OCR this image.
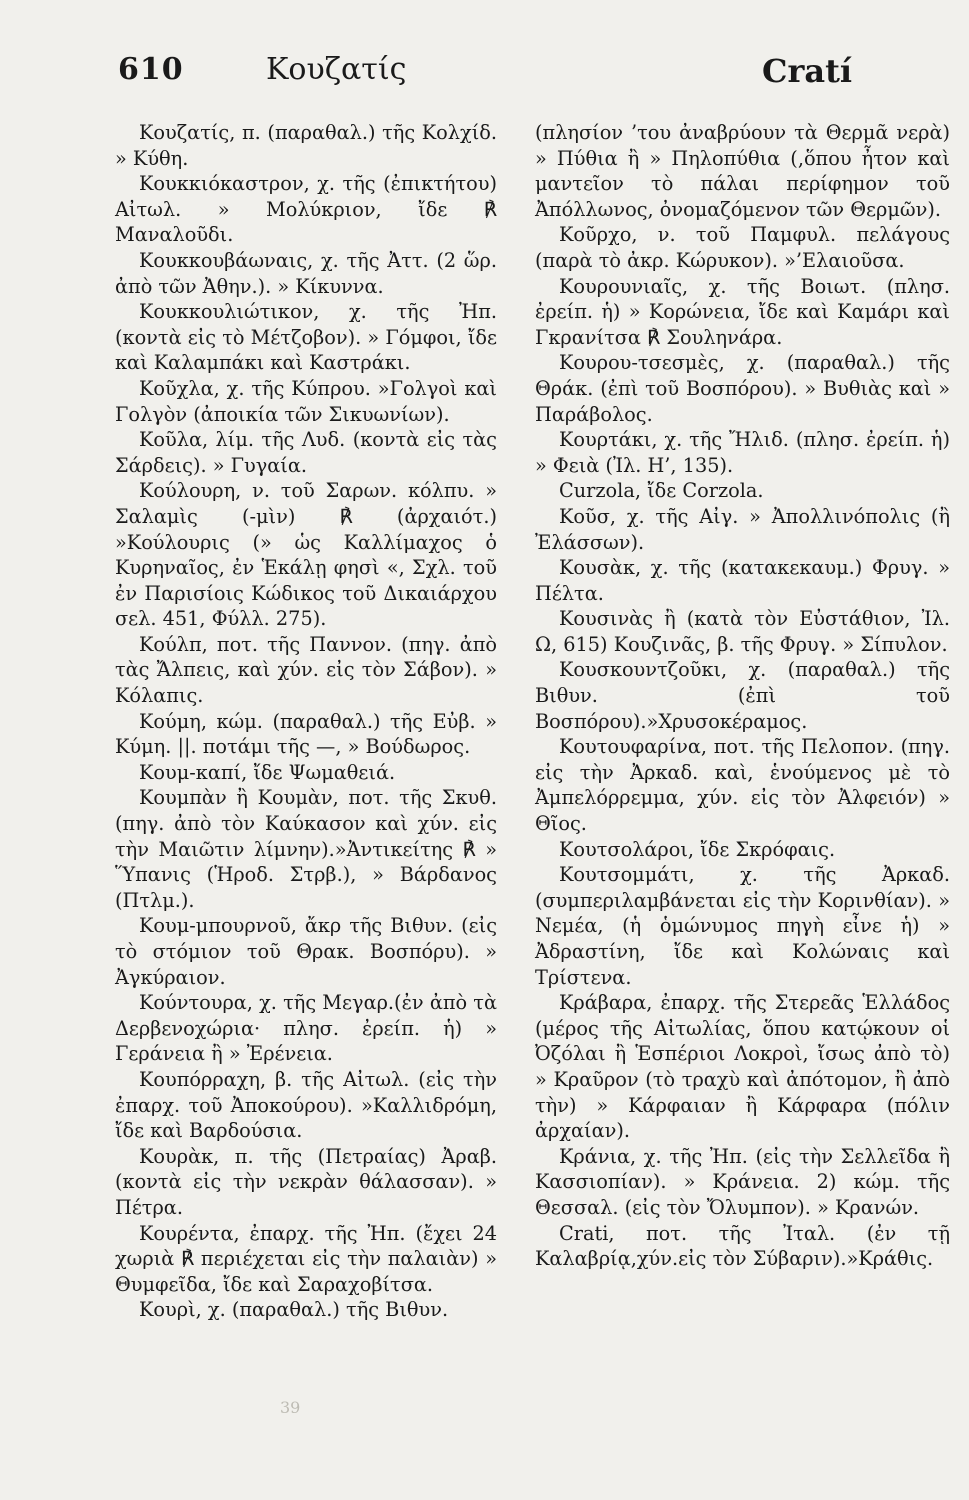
610	Κουζατίς	Cratí

Κουζατίς, π. (παραθαλ.) τῆς Κολχίδ. » Κύθη.

Κουκκιόκαστρον, χ. τῆς (ἐπικτήτου) Αἰτωλ. » Μολύκριον, ἴδε ℟ Μαναλοῦδι.

Κουκκουβάωναις, χ. τῆς Ἀττ. (2 ὥρ. ἀπὸ τῶν Ἀθην.). » Κίκυννα.

Κουκκουλιώτικον, χ. τῆς Ἠπ. (κοντὰ εἰς τὸ Μέτζοβον). » Γόμφοι, ἴδε καὶ Καλαμπάκι καὶ Καστράκι.

Κοῦχλα, χ. τῆς Κύπρου. »Γολγοὶ καὶ Γολγὸν (ἀποικία τῶν Σικυωνίων).

Κοῦλα, λίμ. τῆς Λυδ. (κοντὰ εἰς τὰς Σάρδεις). » Γυγαία.

Κούλουρη, ν. τοῦ Σαρων. κόλπυ. » Σαλαμὶς (-μὶν) ℟ (ἀρχαιότ.) »Κούλουρις (» ὡς Καλλίμαχος ὁ Κυρηναῖος, ἐν Ἑκάλῃ φησὶ «, Σχλ. τοῦ ἐν Παρισίοις Κώδικος τοῦ Δικαιάρχου σελ. 451, Φύλλ. 275).

Κούλπ, ποτ. τῆς Παννον. (πηγ. ἀπὸ τὰς Ἄλπεις, καὶ χύν. εἰς τὸν Σάβον). » Κόλαπις.

Κούμη, κώμ. (παραθαλ.) τῆς Εὐβ. » Κύμη. ||. ποτάμι τῆς —, » Βούδωρος.

Κουμ-καπί, ἴδε Ψωμαθειά.

Κουμπὰν ἢ Κουμὰν, ποτ. τῆς Σκυθ. (πηγ. ἀπὸ τὸν Καύκασον καὶ χύν. εἰς τὴν Μαιῶτιν λίμνην).»Ἀντικείτης ℟ » Ὕπανις (Ἡροδ. Στρβ.), » Βάρδανος (Πτλμ.).

Κουμ-μπουρνοῦ, ἄκρ τῆς Βιθυν. (εἰς τὸ στόμιον τοῦ Θρακ. Βοσπόρυ). » Ἀγκύραιον.

Κούντουρα, χ. τῆς Μεγαρ.(ἐν ἀπὸ τὰ Δερβενοχώρια· πλησ. ἐρείπ. ἡ) » Γεράνεια ἢ » Ἐρένεια.

Κουπόρραχη, β. τῆς Αἰτωλ. (εἰς τὴν ἐπαρχ. τοῦ Ἀποκούρου). »Καλλιδρόμη, ἴδε καὶ Βαρδούσια.

Κουρὰκ, π. τῆς (Πετραίας) Ἀραβ. (κοντὰ εἰς τὴν νεκρὰν θάλασσαν). » Πέτρα.

Κουρέντα, ἐπαρχ. τῆς Ἠπ. (ἔχει 24 χωριὰ ℟ περιέχεται εἰς τὴν παλαιὰν) » Θυμφεῖδα, ἴδε καὶ Σαραχοβίτσα.

Κουρὶ, χ. (παραθαλ.) τῆς Βιθυν.

(πλησίον ’του ἀναβρύουν τὰ Θερμᾶ νερὰ) » Πύθια ἢ » Πηλοπύθια (,ὅπου ἦτον καὶ μαντεῖον τὸ πάλαι περίφημον τοῦ Ἀπόλλωνος, ὀνομαζόμενον τῶν Θερμῶν).

Κοῦρχο, ν. τοῦ Παμφυλ. πελάγους (παρὰ τὸ ἀκρ. Κώρυκον). »’Ελαιοῦσα.

Κουρουνιαῖς, χ. τῆς Βοιωτ. (πλησ. ἐρείπ. ἡ) » Κορώνεια, ἴδε καὶ Καμάρι καὶ Γκρανίτσα ℟ Σουληνάρα.

Κουρου-τσεσμὲς, χ. (παραθαλ.) τῆς Θράκ. (ἐπὶ τοῦ Βοσπόρου). » Βυθιὰς καὶ » Παράβολος.

Κουρτάκι, χ. τῆς Ἤλιδ. (πλησ. ἐρείπ. ἡ) » Φειὰ (Ἰλ. Η’, 135).

Curzola, ἴδε Corzola.

Κοῦσ, χ. τῆς Αἰγ. » Ἀπολλινόπολις (ἢ Ἐλάσσων).

Κουσὰκ, χ. τῆς (κατακεκαυμ.) Φρυγ. » Πέλτα.

Κουσινὰς ἢ (κατὰ τὸν Εὐστάθιον, Ἰλ. Ω, 615) Κουζινᾶς, β. τῆς Φρυγ. » Σίπυλον.

Κουσκουντζοῦκι, χ. (παραθαλ.) τῆς Βιθυν. (ἐπὶ τοῦ Βοσπόρου).»Χρυσοκέραμος.

Κουτουφαρίνα, ποτ. τῆς Πελοπον. (πηγ. εἰς τὴν Ἀρκαδ. καὶ, ἑνούμενος μὲ τὸ Ἀμπελόρρεμμα, χύν. εἰς τὸν Ἀλφειόν) » Θῖος.

Κουτσολάροι, ἴδε Σκρόφαις.

Κουτσομμάτι, χ. τῆς Ἀρκαδ. (συμπεριλαμβάνεται εἰς τὴν Κορινθίαν). » Νεμέα, (ἡ ὁμώνυμος πηγὴ εἶνε ἡ) » Ἀδραστίνη, ἴδε καὶ Κολώναις καὶ Τρίστενα.

Κράβαρα, ἐπαρχ. τῆς Στερεᾶς Ἑλλάδος (μέρος τῆς Αἰτωλίας, ὅπου κατῴκουν οἱ Ὀζόλαι ἢ Ἑσπέριοι Λοκροὶ, ἴσως ἀπὸ τὸ) » Κραῦρον (τὸ τραχὺ καὶ ἀπότομον, ἢ ἀπὸ τὴν) » Κάρφαιαν ἢ Κάρφαρα (πόλιν ἀρχαίαν).

Κράνια, χ. τῆς Ἠπ. (εἰς τὴν Σελλεῖδα ἢ Κασσιοπίαν). » Κράνεια. 2) κώμ. τῆς Θεσσαλ. (εἰς τὸν Ὄλυμπον). » Κρανών.

Crati, ποτ. τῆς Ἰταλ. (ἐν τῇ Καλαβρίᾳ,χύν.εἰς τὸν Σύβαριν).»Κράθις.

39
